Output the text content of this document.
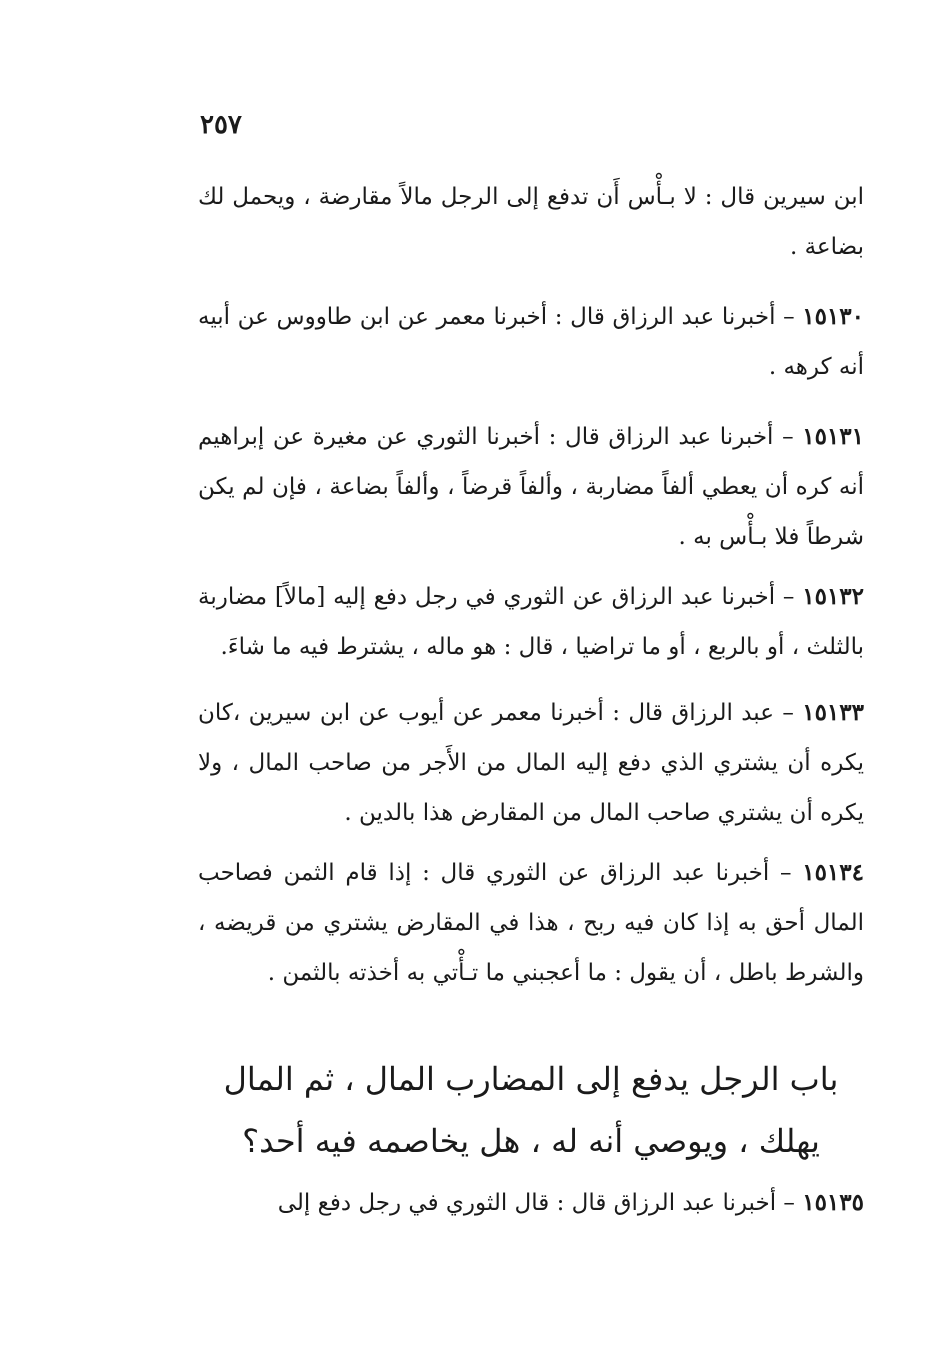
٢٥٧

ابن سيرين قال : لا بـأْس أَن تدفع إلى الرجل مالاً مقارضة ، ويحمل لك بضاعة .

١٥١٣٠ – أخبرنا عبد الرزاق قال : أخبرنا معمر عن ابن طاووس عن أبيه أنه كرهه .

١٥١٣١ – أخبرنا عبد الرزاق قال : أخبرنا الثوري عن مغيرة عن إبراهيم أنه كره أن يعطي ألفاً مضاربة ، وألفاً قرضاً ، وألفاً بضاعة ، فإن لم يكن شرطاً فلا بـأْس به .

١٥١٣٢ – أخبرنا عبد الرزاق عن الثوري في رجل دفع إليه [مالاً] مضاربة بالثلث ، أو بالربع ، أو ما تراضيا ، قال : هو ماله ، يشترط فيه ما شاءَ.

١٥١٣٣ – عبد الرزاق قال : أخبرنا معمر عن أيوب عن ابن سيرين ،كان يكره أن يشتري الذي دفع إليه المال من الأَجر من صاحب المال ، ولا يكره أن يشتري صاحب المال من المقارض هذا بالدين .

١٥١٣٤ – أخبرنا عبد الرزاق عن الثوري قال : إذا قام الثمن فصاحب المال أحق به إذا كان فيه ربح ، هذا في المقارض يشتري من قريضه ، والشرط باطل ، أن يقول : ما أعجبني ما تـأْتي به أخذته بالثمن .

باب الرجل يدفع إلى المضارب المال ، ثم المال
يهلك ، ويوصي أنه له ، هل يخاصمه فيه أحد؟

١٥١٣٥ – أخبرنا عبد الرزاق قال : قال الثوري في رجل دفع إلى
